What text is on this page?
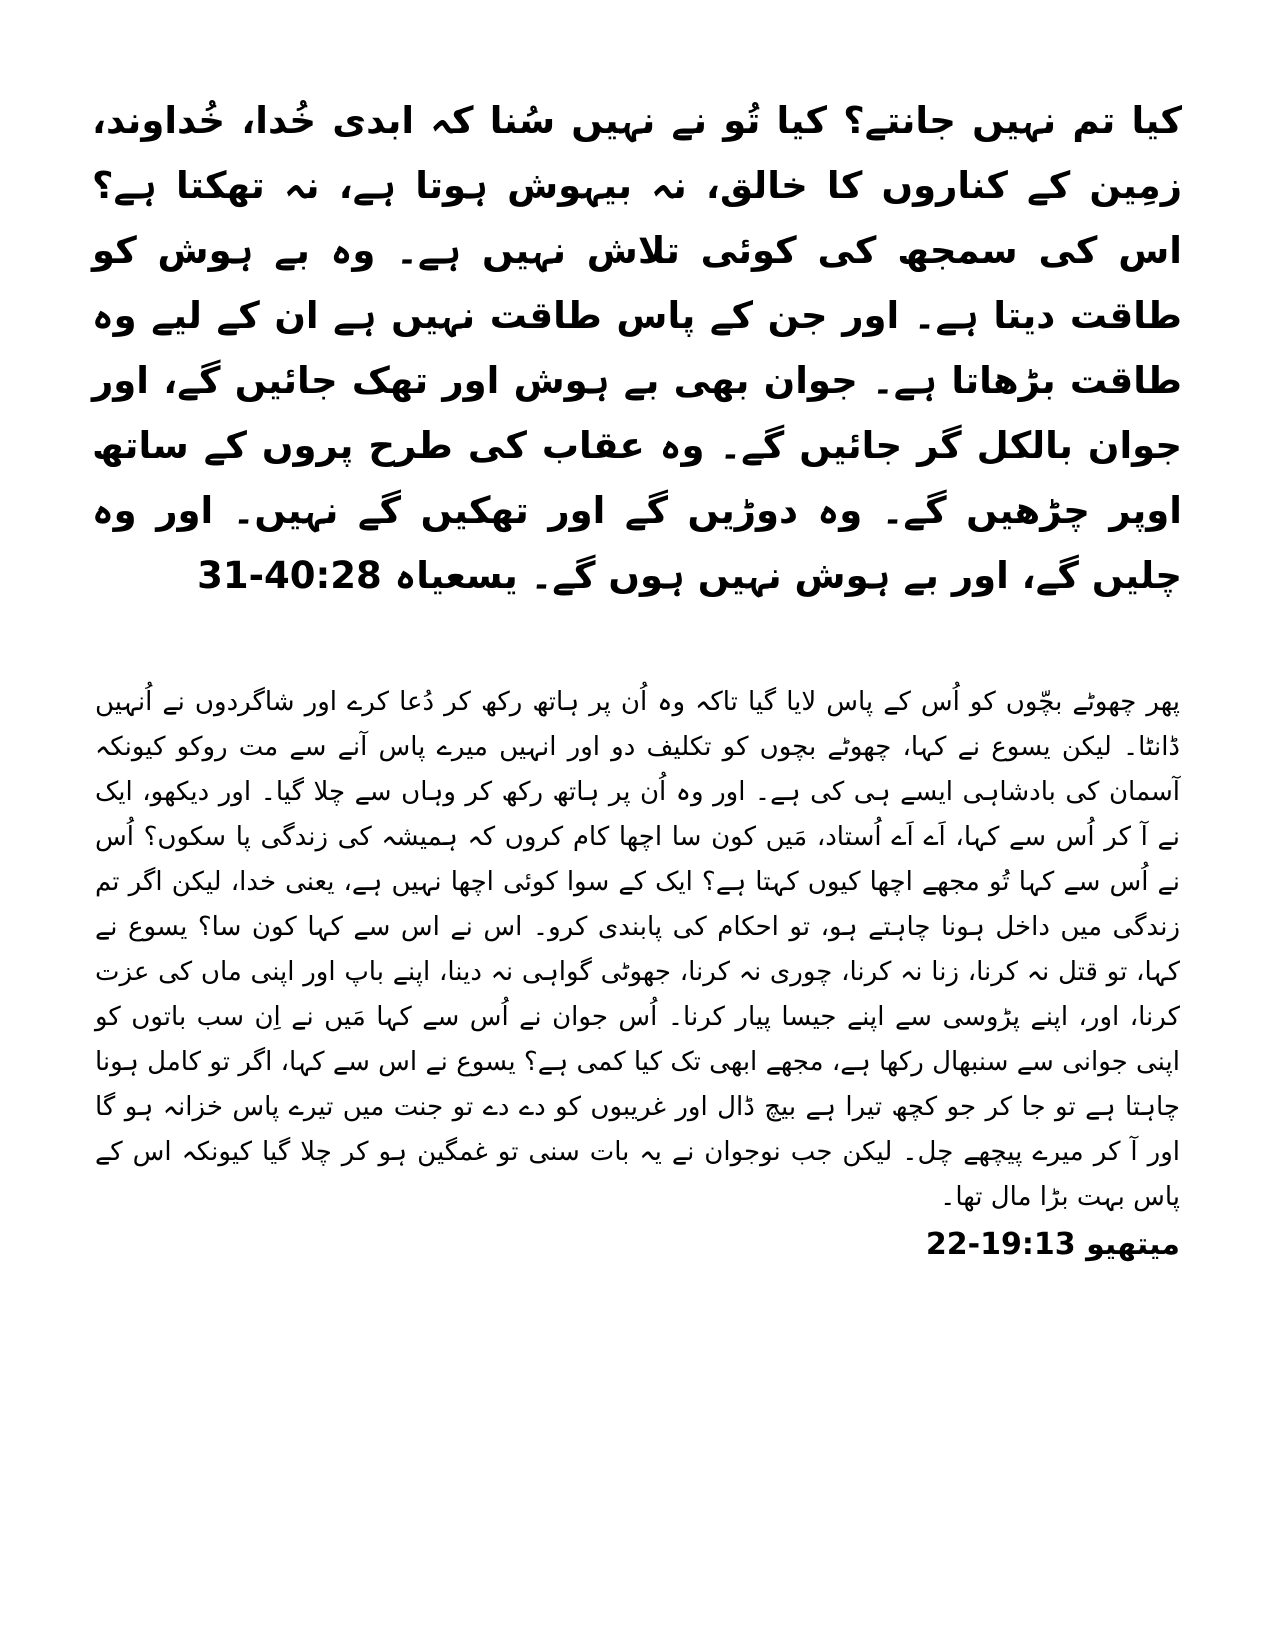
کیا تم نہیں جانتے؟ کیا تُو نے نہیں سُنا کہ ابدی خُدا، خُداوند، زمِین کے کناروں کا خالق، نہ بیہوش ہوتا ہے، نہ تھکتا ہے؟ اس کی سمجھ کی کوئی تلاش نہیں ہے۔ وہ بے ہوش کو طاقت دیتا ہے۔ اور جن کے پاس طاقت نہیں ہے ان کے لیے وہ طاقت بڑھاتا ہے۔ جوان بھی بے ہوش اور تھک جائیں گے، اور جوان بالکل گر جائیں گے۔ وہ عقاب کی طرح پروں کے ساتھ اوپر چڑھیں گے۔ وہ دوڑیں گے اور تھکیں گے نہیں۔ اور وہ چلیں گے، اور بے ہوش نہیں ہوں گے۔ یسعیاہ 40:28-31
پھر چھوٹے بچّوں کو اُس کے پاس لایا گیا تاکہ وہ اُن پر ہاتھ رکھ کر دُعا کرے اور شاگردوں نے اُنہیں ڈانٹا۔ لیکن یسوع نے کہا، چھوٹے بچوں کو تکلیف دو اور انہیں میرے پاس آنے سے مت روکو کیونکہ آسمان کی بادشاہی ایسے ہی کی ہے۔ اور وہ اُن پر ہاتھ رکھ کر وہاں سے چلا گیا۔ اور دیکھو، ایک نے آ کر اُس سے کہا، اَے اَے اُستاد، مَیں کون سا اچھا کام کروں کہ ہمیشہ کی زندگی پا سکوں؟ اُس نے اُس سے کہا تُو مجھے اچھا کیوں کہتا ہے؟ ایک کے سوا کوئی اچھا نہیں ہے، یعنی خدا، لیکن اگر تم زندگی میں داخل ہونا چاہتے ہو، تو احکام کی پابندی کرو۔ اس نے اس سے کہا کون سا؟ یسوع نے کہا، تو قتل نہ کرنا، زنا نہ کرنا، چوری نہ کرنا، جھوٹی گواہی نہ دینا، اپنے باپ اور اپنی ماں کی عزت کرنا، اور، اپنے پڑوسی سے اپنے جیسا پیار کرنا۔ اُس جوان نے اُس سے کہا مَیں نے اِن سب باتوں کو اپنی جوانی سے سنبھال رکھا ہے، مجھے ابھی تک کیا کمی ہے؟ یسوع نے اس سے کہا، اگر تو کامل ہونا چاہتا ہے تو جا کر جو کچھ تیرا ہے بیچ ڈال اور غریبوں کو دے دے تو جنت میں تیرے پاس خزانہ ہو گا اور آ کر میرے پیچھے چل۔ لیکن جب نوجوان نے یہ بات سنی تو غمگین ہو کر چلا گیا کیونکہ اس کے پاس بہت بڑا مال تھا۔
میتھیو 19:13-22
